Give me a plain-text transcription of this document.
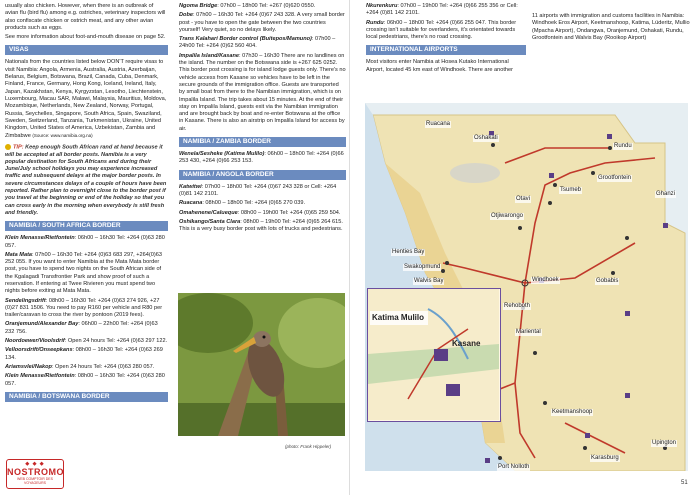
usually also chicken. However, when there is an outbreak of avian flu (bird flu) among e.g. ostriches, veterinary inspectors will also confiscate chicken or ostrich meat, and any other avian products such as eggs.

See more information about foot-and-mouth disease on page 52.

VISAS

Nationals from the countries listed below DON'T require visas to visit Namibia: Angola, Armenia, Australia, Austria, Azerbaijan, Belarus, Belgium, Botswana, Brazil, Canada, Cuba, Denmark, Finland, France, Germany, Hong Kong, Iceland, Ireland, Italy, Japan, Kazakhstan, Kenya, Kyrgyzstan, Lesotho, Liechtenstein, Luxembourg, Macau SAR, Malawi, Malaysia, Mauritius, Moldova, Mozambique, Netherlands, New Zealand, Norway, Portugal, Russia, Seychelles, Singapore, South Africa, Spain, Swaziland, Sweden, Switzerland, Tanzania, Turkmenistan, Ukraine, United Kingdom, United States of America, Uzbekistan, Zambia and Zimbabwe (Source: www.namibia.org.na)

TIP: Keep enough South African rand at hand because it will be accepted at all border posts. Namibia is a very popular destination for South Africans and during their June/July school holidays you may experience increased traffic and subsequent delays at the major border posts. In severe circumstances delays of a couple of hours have been reported. Rather plan to overnight close to the border post if you travel at the beginning or end of the holiday so that you can cross early in the morning when everybody is still fresh and friendly.

NAMIBIA / SOUTH AFRICA BORDER

Klein Menasse/Rietfontein: 06h00 – 16h30 Tel: +264 (0)63 280 057.

Mata Mata: 07h00 – 16h30 Tel: +264 (0)63 683 297, +264(0)63 252 055. If you want to enter Namibia at the Mata Mata border post, you have to spend two nights on the South African side of the Kgalagadi Transfrontier Park and show proof of such a reservation. If entering at Twee Rivieren you must spend two nights before exiting at Mata Mata.

Sendelingsdrift: 08h00 – 16h30 Tel: +264 (0)63 274 926, +27 (0)27 831 1506. You need to pay R160 per vehicle and R80 per trailer/caravan to cross the river by pontoon (2019 fees).

Oranjemund/Alexander Bay: 06h00 – 22h00 Tel: +264 (0)63 232 756.

Noordoewer/Vioolsdrif: Open 24 hours Tel: +264 (0)63 297 122.

Velloorsdrift/Onseepkans: 08h00 – 16h30 Tel: +264 (0)63 269 134.

Ariamsvlei/Nakop: Open 24 hours Tel: +264 (0)63 280 057.

Klein Menasse/Rietfontein: 08h00 – 16h30 Tel: +264 (0)63 280 057.

NAMIBIA / BOTSWANA BORDER

Ngoma Bridge: 07h00 – 18h00 Tel: +267 (0)620 0550.

Dobe: 07h00 – 16h30 Tel: +264 (0)67 243 328. A very small border post - you have to open the gate between the two countries yourself! Very quiet, so no delays likely.

Trans Kalahari Border control (Buitepos/Mamuno): 07h00 – 24h00 Tel: +264 (0)62 560 404.

Impalila Island/Kasane: 07h30 – 16h30 There are no landlines on the island. The number on the Botswana side is +267 625 0252. This border post crossing is for island lodge guests only. There's no vehicle access from Kasane so vehicles have to be left in the secure grounds of the immigration office. Guests are transported by small boat from there to the Namibian immigration, which is on Impalila Island. The trip takes about 15 minutes. At the end of their stay on Impalila Island, guests exit via the Namibian immigration and are brought back by boat and re-enter Botswana at the office in Kasane. There is also an airstrip on Impalila Island for access by air.

NAMIBIA / ZAMBIA BORDER

Wenela/Sesheke (Katima Mulilo): 06h00 – 18h00 Tel: +264 (0)66 253 430, +264 (0)66 253 153.

NAMIBIA / ANGOLA BORDER

Katwitwi: 07h00 – 18h00 Tel: +264 (0)67 243 328 or Cell: +264 (0)81 142 2101.

Ruacana: 08h00 – 18h00 Tel: +264 (0)65 270 039.

Omahenene/Calueque: 08h00 – 19h00 Tel: +264 (0)65 259 504.

Oshikango/Santa Clara: 08h00 – 19h00 Tel: +264 (0)65 264 615. This is a very busy border post with lots of trucks and pedestrians.

(photo: Frank Hippeler)
◆ ◆ ◆
NOSTROMO
WEB COMPTOIR DES VOYAGEURS

Nkurenkuru: 07h00 – 19h00 Tel: +264 (0)66 255 356 or Cell: +264 (0)81 142 2101.

Rundu: 06h00 – 18h00 Tel: +264 (0)66 255 047. This border crossing isn't suitable for overlanders, it's orientated towards local pedestrians, there's no road crossing.

INTERNATIONAL AIRPORTS

Most visitors enter Namibia at Hosea Kutako International Airport, located 45 km east of Windhoek. There are another

11 airports with immigration and customs facilities in Namibia: Windhoek Eros Airport, Keetmanshoop, Katima, Lüderitz, Mullio (Mpacha Airport), Ondangwa, Oranjemund, Oshakati, Rundu, Grootfontein and Walvis Bay (Rooikop Airport)

51
Oshakati
Rundu
Ruacana
Tsumeb
Grootfontein
Otavi
Otjiwarongo
Henties Bay
Swakopmund
Walvis Bay	Windhoek	Gobabis
Rehoboth
Mariental
Keetmanshoop
Karasburg
Port Nolloth
Upington
Ghanzi
Katima Mulilo
Kasane
